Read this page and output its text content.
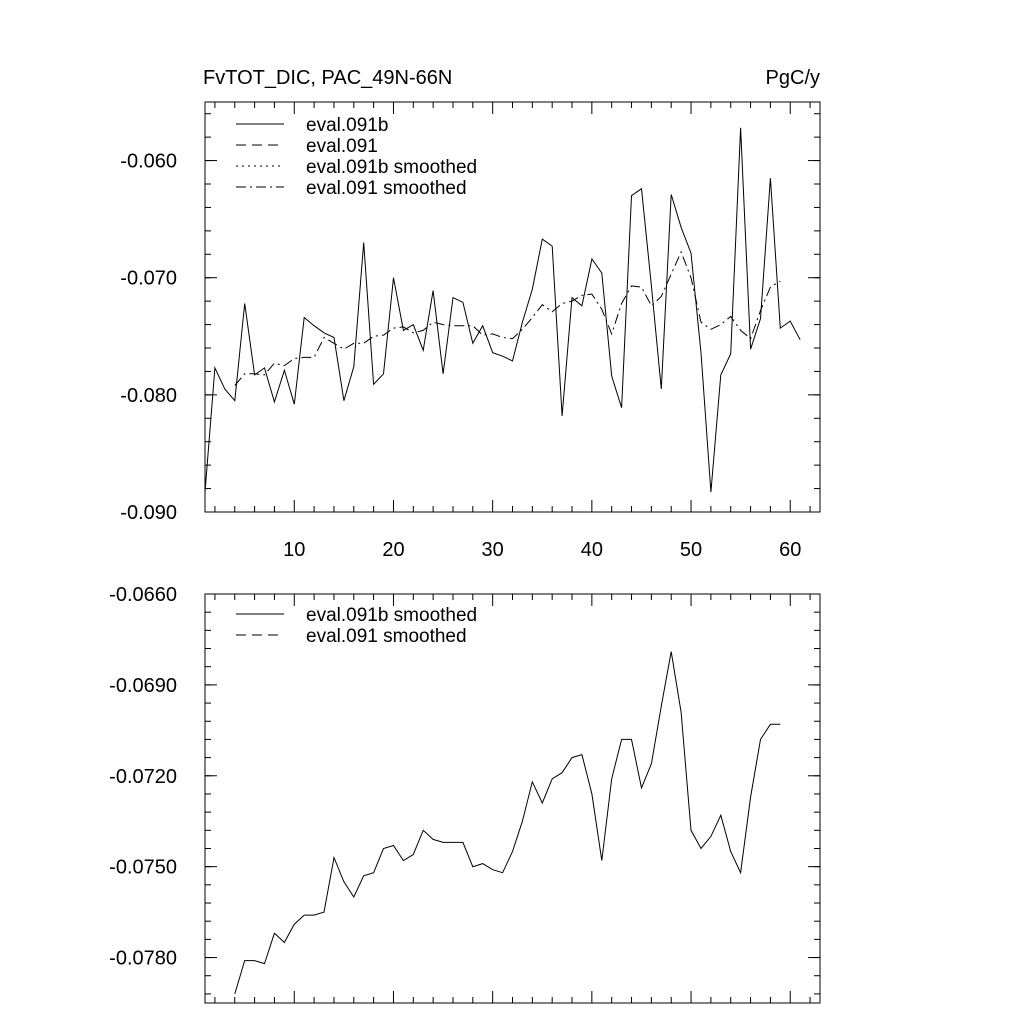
FvTOT_DIC, PAC_49N-66N	PgC/y
10	20	30	40	50	60
-0.090
-0.080
-0.070
-0.060
eval.091b
eval.091
eval.091b smoothed
eval.091 smoothed
-0.0780
-0.0750
-0.0720
-0.0690
-0.0660
eval.091b smoothed
eval.091 smoothed
